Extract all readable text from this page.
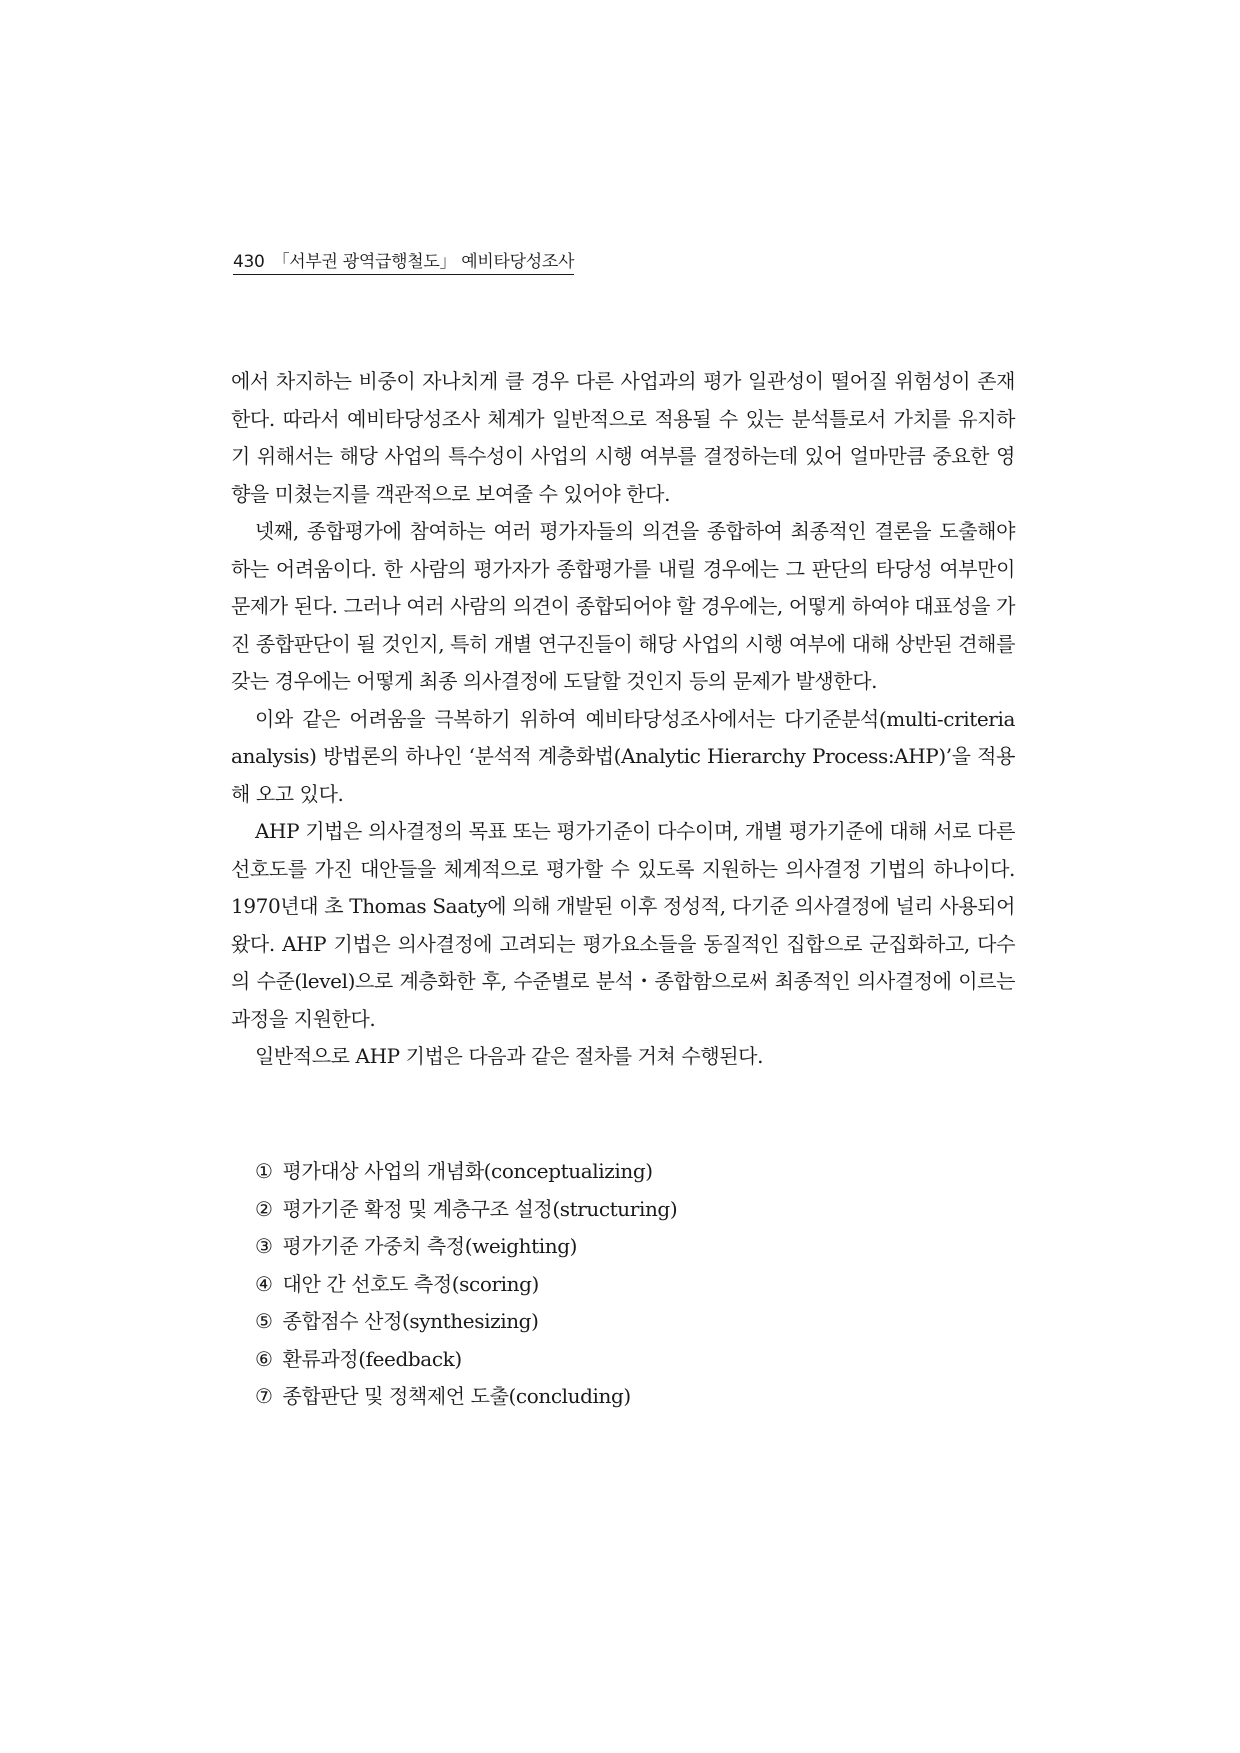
430 「서부권 광역급행철도」 예비타당성조사

에서 차지하는 비중이 자나치게 클 경우 다른 사업과의 평가 일관성이 떨어질 위험성이 존재한다. 따라서 예비타당성조사 체계가 일반적으로 적용될 수 있는 분석틀로서 가치를 유지하기 위해서는 해당 사업의 특수성이 사업의 시행 여부를 결정하는데 있어 얼마만큼 중요한 영향을 미쳤는지를 객관적으로 보여줄 수 있어야 한다.

넷째, 종합평가에 참여하는 여러 평가자들의 의견을 종합하여 최종적인 결론을 도출해야 하는 어려움이다. 한 사람의 평가자가 종합평가를 내릴 경우에는 그 판단의 타당성 여부만이 문제가 된다. 그러나 여러 사람의 의견이 종합되어야 할 경우에는, 어떻게 하여야 대표성을 가진 종합판단이 될 것인지, 특히 개별 연구진들이 해당 사업의 시행 여부에 대해 상반된 견해를 갖는 경우에는 어떻게 최종 의사결정에 도달할 것인지 등의 문제가 발생한다.

이와 같은 어려움을 극복하기 위하여 예비타당성조사에서는 다기준분석(multi-criteria analysis) 방법론의 하나인 ‘분석적 계층화법(Analytic Hierarchy Process:AHP)’을 적용해 오고 있다.

AHP 기법은 의사결정의 목표 또는 평가기준이 다수이며, 개별 평가기준에 대해 서로 다른 선호도를 가진 대안들을 체계적으로 평가할 수 있도록 지원하는 의사결정 기법의 하나이다. 1970년대 초 Thomas Saaty에 의해 개발된 이후 정성적, 다기준 의사결정에 널리 사용되어 왔다. AHP 기법은 의사결정에 고려되는 평가요소들을 동질적인 집합으로 군집화하고, 다수의 수준(level)으로 계층화한 후, 수준별로 분석・종합함으로써 최종적인 의사결정에 이르는 과정을 지원한다.

일반적으로 AHP 기법은 다음과 같은 절차를 거쳐 수행된다.

① 평가대상 사업의 개념화(conceptualizing)
② 평가기준 확정 및 계층구조 설정(structuring)
③ 평가기준 가중치 측정(weighting)
④ 대안 간 선호도 측정(scoring)
⑤ 종합점수 산정(synthesizing)
⑥ 환류과정(feedback)
⑦ 종합판단 및 정책제언 도출(concluding)
